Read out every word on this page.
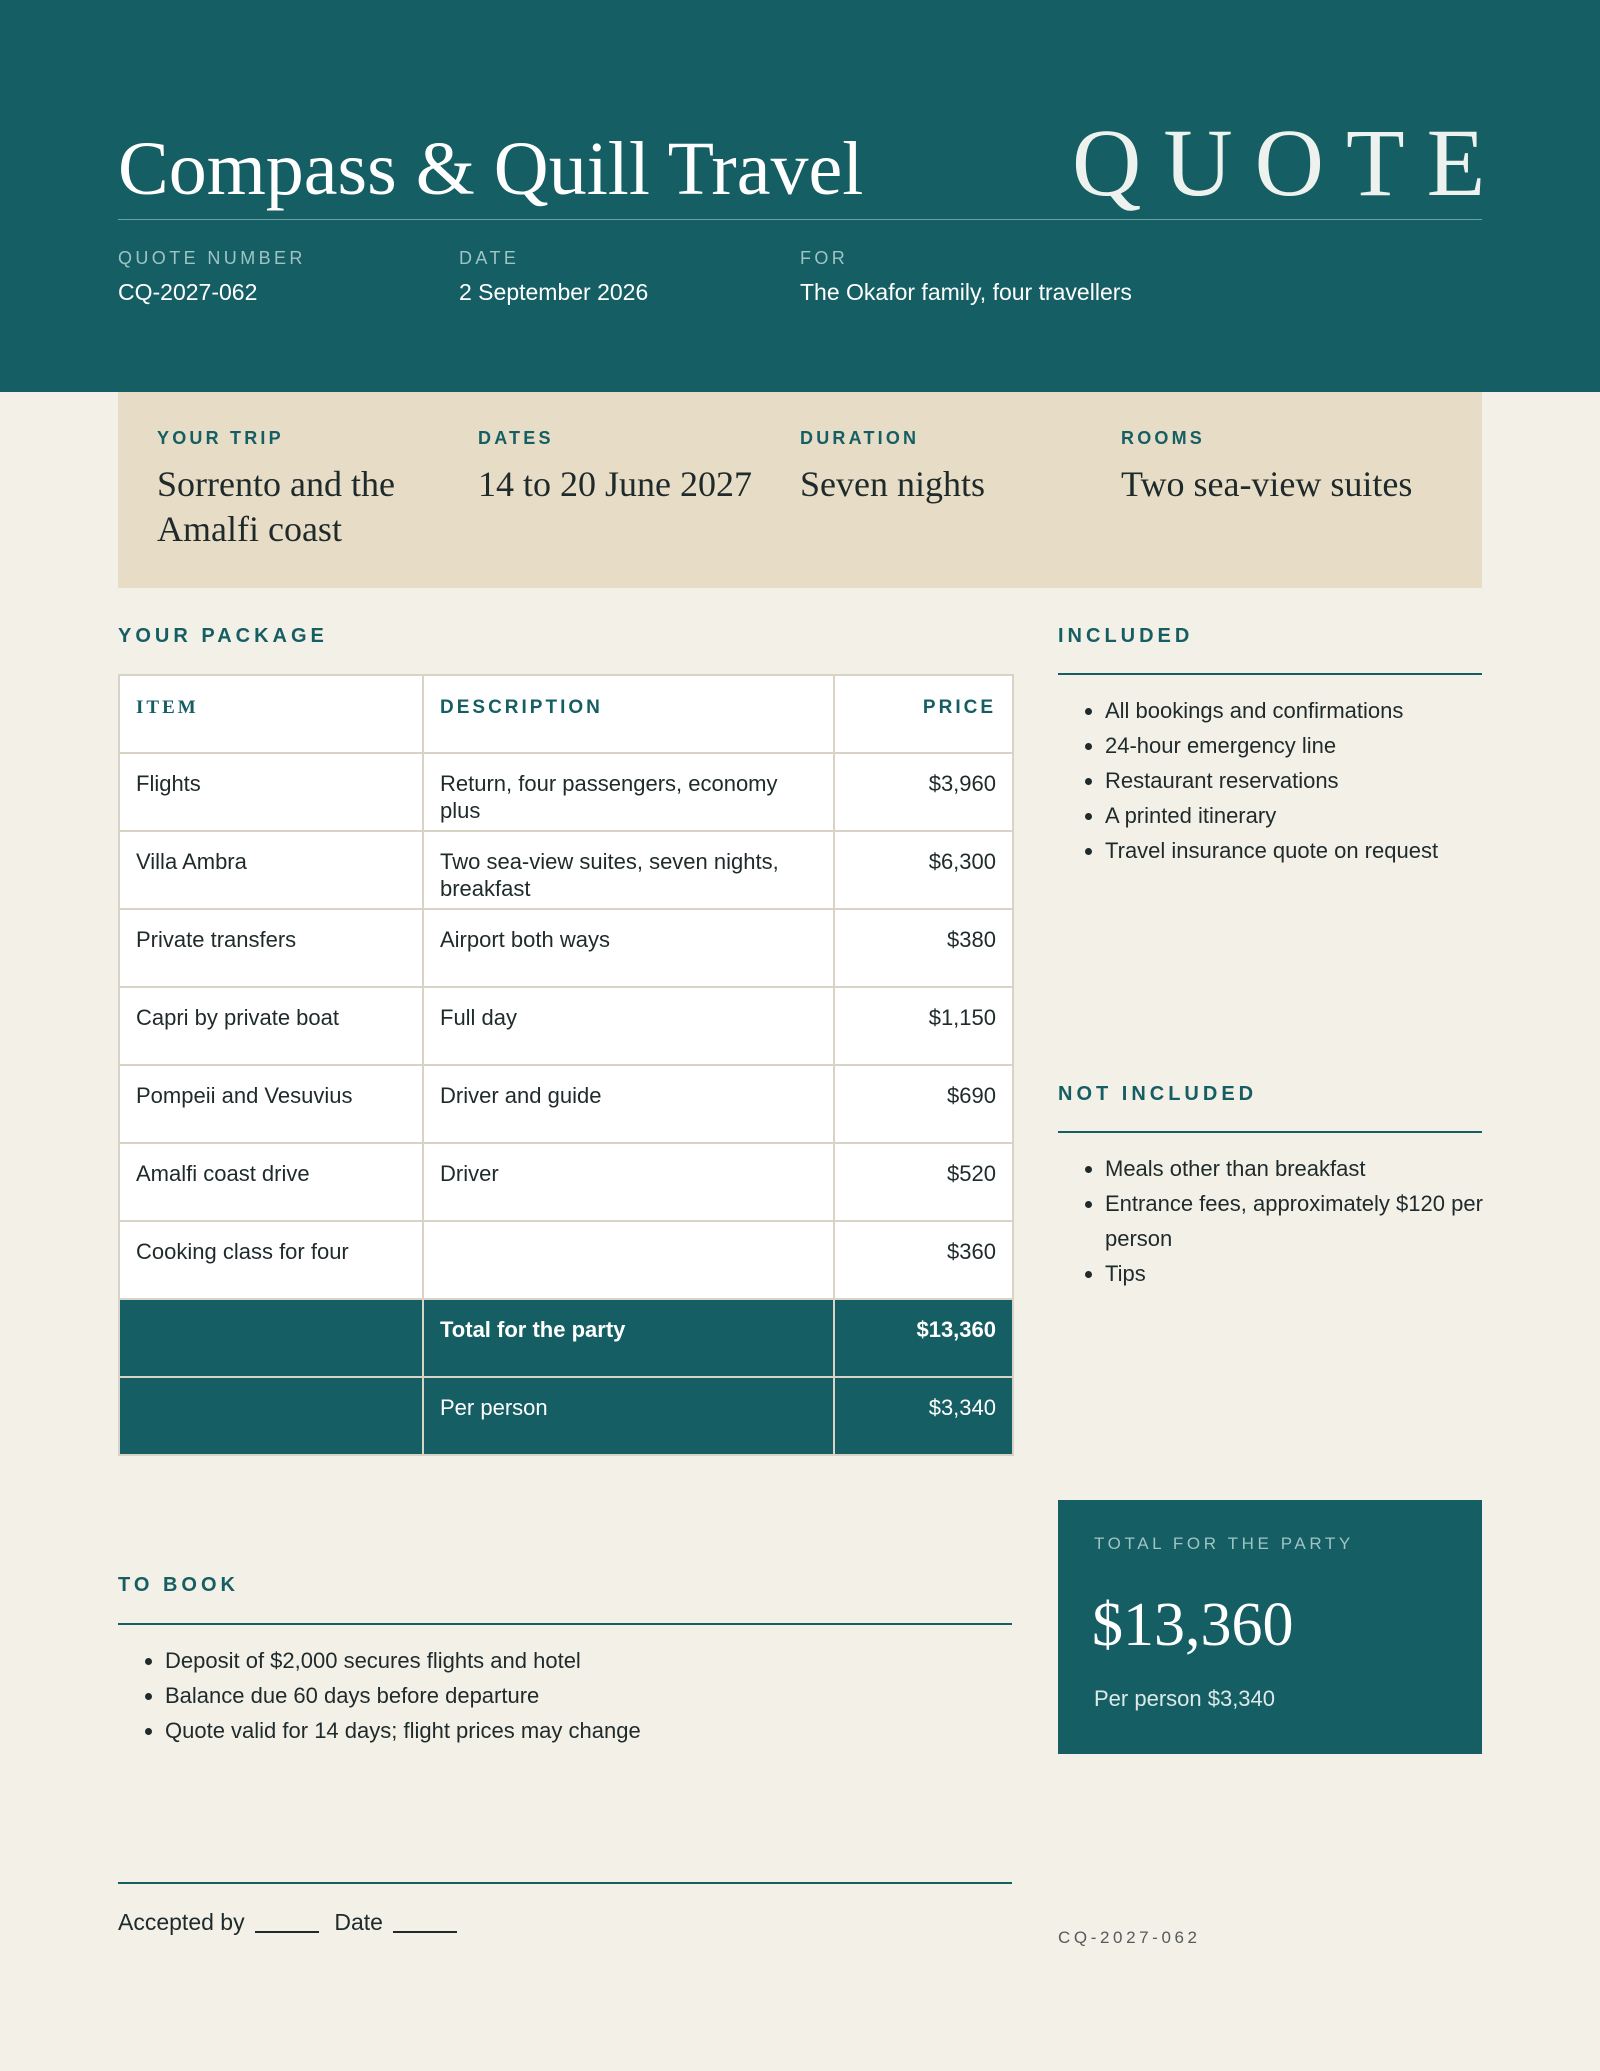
Compass & Quill Travel QUOTE
QUOTE NUMBER
CQ-2027-062
DATE
2 September 2026
FOR
The Okafor family, four travellers
YOUR TRIP
Sorrento and the Amalfi coast
DATES
14 to 20 June 2027
DURATION
Seven nights
ROOMS
Two sea-view suites
YOUR PACKAGE
ITEM	DESCRIPTION	PRICE
Flights	Return, four passengers, economy plus	$3,960
Villa Ambra	Two sea-view suites, seven nights, breakfast	$6,300
Private transfers	Airport both ways	$380
Capri by private boat	Full day	$1,150
Pompeii and Vesuvius	Driver and guide	$690
Amalfi coast drive	Driver	$520
Cooking class for four		$360
	Total for the party	$13,360
	Per person	$3,340
INCLUDED
• All bookings and confirmations
• 24-hour emergency line
• Restaurant reservations
• A printed itinerary
• Travel insurance quote on request
NOT INCLUDED
• Meals other than breakfast
• Entrance fees, approximately $120 per person
• Tips
TO BOOK
• Deposit of $2,000 secures flights and hotel
• Balance due 60 days before departure
• Quote valid for 14 days; flight prices may change
TOTAL FOR THE PARTY
$13,360
Per person $3,340
Accepted by	Date
CQ-2027-062
